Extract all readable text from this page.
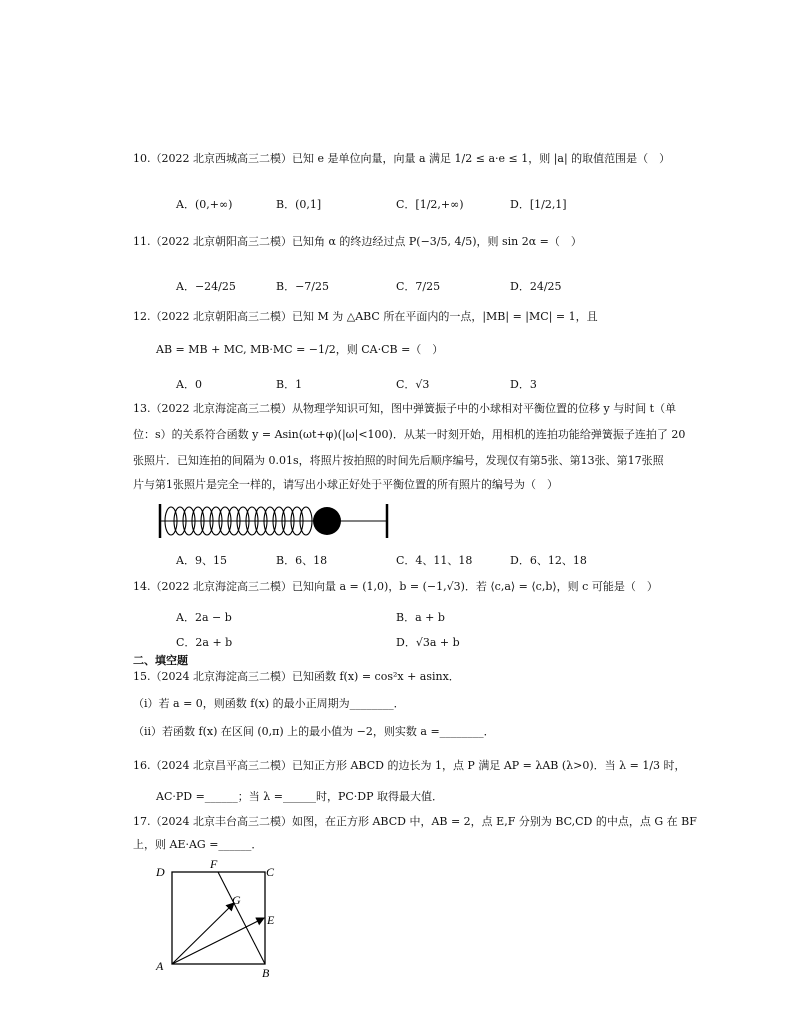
10.（2022 北京西城高三二模）已知 e 是单位向量，向量 a 满足 1/2 ≤ a·e ≤ 1，则 |a| 的取值范围是（　）
A．(0,+∞)	B．(0,1]	C．[1/2,+∞)	D．[1/2,1]
11.（2022 北京朝阳高三二模）已知角 α 的终边经过点 P(−3/5, 4/5)，则 sin 2α =（　）
A．−24/25	B．−7/25	C．7/25	D．24/25
12.（2022 北京朝阳高三二模）已知 M 为 △ABC 所在平面内的一点，|MB| = |MC| = 1，且
AB = MB + MC, MB·MC = −1/2，则 CA·CB =（　）
A．0	B．1	C．√3	D．3
13.（2022 北京海淀高三二模）从物理学知识可知，图中弹簧振子中的小球相对平衡位置的位移 y 与时间 t（单
位：s）的关系符合函数 y = Asin(ωt+φ)(|ω|<100)．从某一时刻开始，用相机的连拍功能给弹簧振子连拍了 20
张照片．已知连拍的间隔为 0.01s，将照片按拍照的时间先后顺序编号，发现仅有第5张、第13张、第17张照
片与第1张照片是完全一样的，请写出小球正好处于平衡位置的所有照片的编号为（　）
A．9、15	B．6、18	C．4、11、18	D．6、12、18
14.（2022 北京海淀高三二模）已知向量 a = (1,0)，b = (−1,√3)．若 ⟨c,a⟩ = ⟨c,b⟩，则 c 可能是（　）
A．2a − b	B．a + b
C．2a + b	D．√3a + b
二、填空题
15.（2024 北京海淀高三二模）已知函数 f(x) = cos²x + asinx．
（i）若 a = 0，则函数 f(x) 的最小正周期为________．
（ii）若函数 f(x) 在区间 (0,π) 上的最小值为 −2，则实数 a =________．
16.（2024 北京昌平高三二模）已知正方形 ABCD 的边长为 1，点 P 满足 AP = λAB (λ>0)．当 λ = 1/3 时，
AC·PD =______；当 λ =______时，PC·DP 取得最大值．
17.（2024 北京丰台高三二模）如图，在正方形 ABCD 中，AB = 2，点 E,F 分别为 BC,CD 的中点，点 G 在 BF
上，则 AE·AG =______．
D
F
C
G
E
A	B
